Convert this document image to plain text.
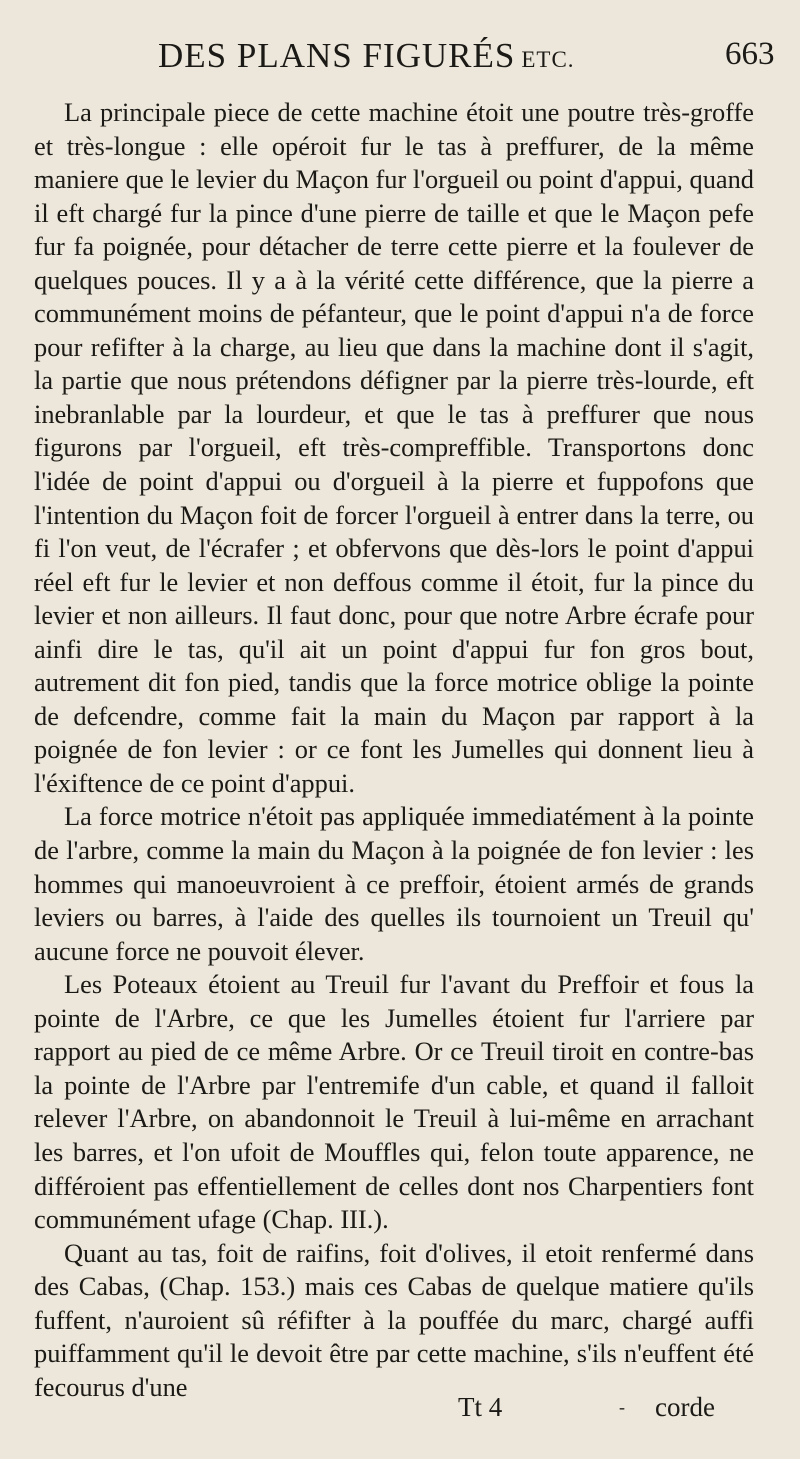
DES PLANS FIGURÉS ETC.	663

La principale piece de cette machine étoit une poutre très-groffe et très-longue : elle opéroit fur le tas à preffurer, de la même maniere que le levier du Maçon fur l'orgueil ou point d'appui, quand il eft chargé fur la pince d'une pierre de taille et que le Maçon pefe fur fa poignée, pour détacher de terre cette pierre et la foulever de quelques pouces. Il y a à la vérité cette différence, que la pierre a communément moins de péfanteur, que le point d'appui n'a de force pour refifter à la charge, au lieu que dans la machine dont il s'agit, la partie que nous prétendons défigner par la pierre très-lourde, eft inebranlable par la lourdeur, et que le tas à preffurer que nous figurons par l'orgueil, eft très-compreffible. Transportons donc l'idée de point d'appui ou d'orgueil à la pierre et fuppofons que l'intention du Maçon foit de forcer l'orgueil à entrer dans la terre, ou fi l'on veut, de l'écrafer ; et obfervons que dès-lors le point d'appui réel eft fur le levier et non deffous comme il étoit, fur la pince du levier et non ailleurs. Il faut donc, pour que notre Arbre écrafe pour ainfi dire le tas, qu'il ait un point d'appui fur fon gros bout, autrement dit fon pied, tandis que la force motrice oblige la pointe de defcendre, comme fait la main du Maçon par rapport à la poignée de fon levier : or ce font les Jumelles qui donnent lieu à l'éxiftence de ce point d'appui.

La force motrice n'étoit pas appliquée immediatément à la pointe de l'arbre, comme la main du Maçon à la poignée de fon levier : les hommes qui manoeuvroient à ce preffoir, étoient armés de grands leviers ou barres, à l'aide des quelles ils tournoient un Treuil qu' aucune force ne pouvoit élever.

Les Poteaux étoient au Treuil fur l'avant du Preffoir et fous la pointe de l'Arbre, ce que les Jumelles étoient fur l'arriere par rapport au pied de ce même Arbre. Or ce Treuil tiroit en contre-bas la pointe de l'Arbre par l'entremife d'un cable, et quand il falloit relever l'Arbre, on abandonnoit le Treuil à lui-même en arrachant les barres, et l'on ufoit de Mouffles qui, felon toute apparence, ne différoient pas effentiellement de celles dont nos Charpentiers font communément ufage (Chap. III.).

Quant au tas, foit de raifins, foit d'olives, il etoit renfermé dans des Cabas, (Chap. 153.) mais ces Cabas de quelque matiere qu'ils fuffent, n'auroient sû réfifter à la pouffée du marc, chargé auffi puiffamment qu'il le devoit être par cette machine, s'ils n'euffent été fecourus d'une

Tt 4	- corde
